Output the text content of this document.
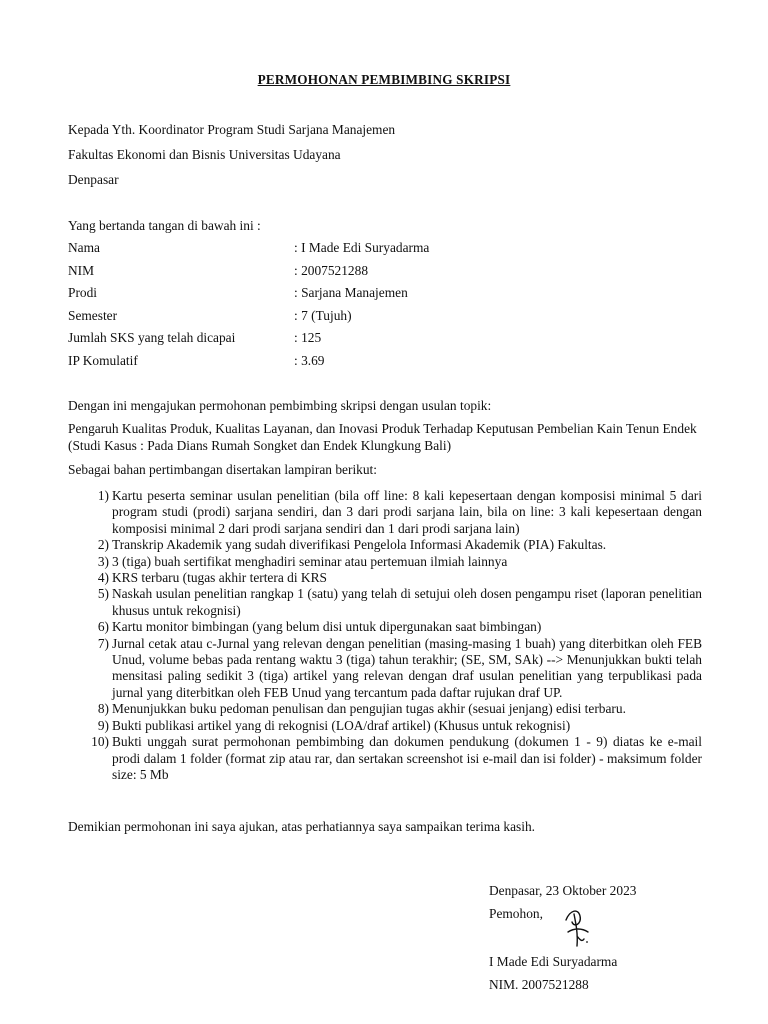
PERMOHONAN PEMBIMBING SKRIPSI
Kepada Yth. Koordinator Program Studi Sarjana Manajemen
Fakultas Ekonomi dan Bisnis Universitas Udayana
Denpasar
Yang bertanda tangan di bawah ini :
Nama	: I Made Edi Suryadarma
NIM	: 2007521288
Prodi	: Sarjana Manajemen
Semester	: 7 (Tujuh)
Jumlah SKS yang telah dicapai	: 125
IP Komulatif	: 3.69
Dengan ini mengajukan permohonan pembimbing skripsi dengan usulan topik:
Pengaruh Kualitas Produk, Kualitas Layanan, dan Inovasi Produk Terhadap Keputusan Pembelian Kain Tenun Endek (Studi Kasus : Pada Dians Rumah Songket dan Endek Klungkung Bali)
Sebagai bahan pertimbangan disertakan lampiran berikut:
1) Kartu peserta seminar usulan penelitian (bila off line: 8 kali kepesertaan dengan komposisi minimal 5 dari program studi (prodi) sarjana sendiri, dan 3 dari prodi sarjana lain, bila on line: 3 kali kepesertaan dengan komposisi minimal 2 dari prodi sarjana sendiri dan 1 dari prodi sarjana lain)
2) Transkrip Akademik yang sudah diverifikasi Pengelola Informasi Akademik (PIA) Fakultas.
3) 3 (tiga) buah sertifikat menghadiri seminar atau pertemuan ilmiah lainnya
4) KRS terbaru (tugas akhir tertera di KRS
5) Naskah usulan penelitian rangkap 1 (satu) yang telah di setujui oleh dosen pengampu riset (laporan penelitian khusus untuk rekognisi)
6) Kartu monitor bimbingan (yang belum disi untuk dipergunakan saat bimbingan)
7) Jurnal cetak atau c-Jurnal yang relevan dengan penelitian (masing-masing 1 buah) yang diterbitkan oleh FEB Unud, volume bebas pada rentang waktu 3 (tiga) tahun terakhir; (SE, SM, SAk) --> Menunjukkan bukti telah mensitasi paling sedikit 3 (tiga) artikel yang relevan dengan draf usulan penelitian yang terpublikasi pada jurnal yang diterbitkan oleh FEB Unud yang tercantum pada daftar rujukan draf UP.
8) Menunjukkan buku pedoman penulisan dan pengujian tugas akhir (sesuai jenjang) edisi terbaru.
9) Bukti publikasi artikel yang di rekognisi (LOA/draf artikel) (Khusus untuk rekognisi)
10) Bukti unggah surat permohonan pembimbing dan dokumen pendukung (dokumen 1 - 9) diatas ke e-mail prodi dalam 1 folder (format zip atau rar, dan sertakan screenshot isi e-mail dan isi folder) - maksimum folder size: 5 Mb
Demikian permohonan ini saya ajukan, atas perhatiannya saya sampaikan terima kasih.
Denpasar, 23 Oktober 2023
Pemohon,
I Made Edi Suryadarma
NIM. 2007521288
